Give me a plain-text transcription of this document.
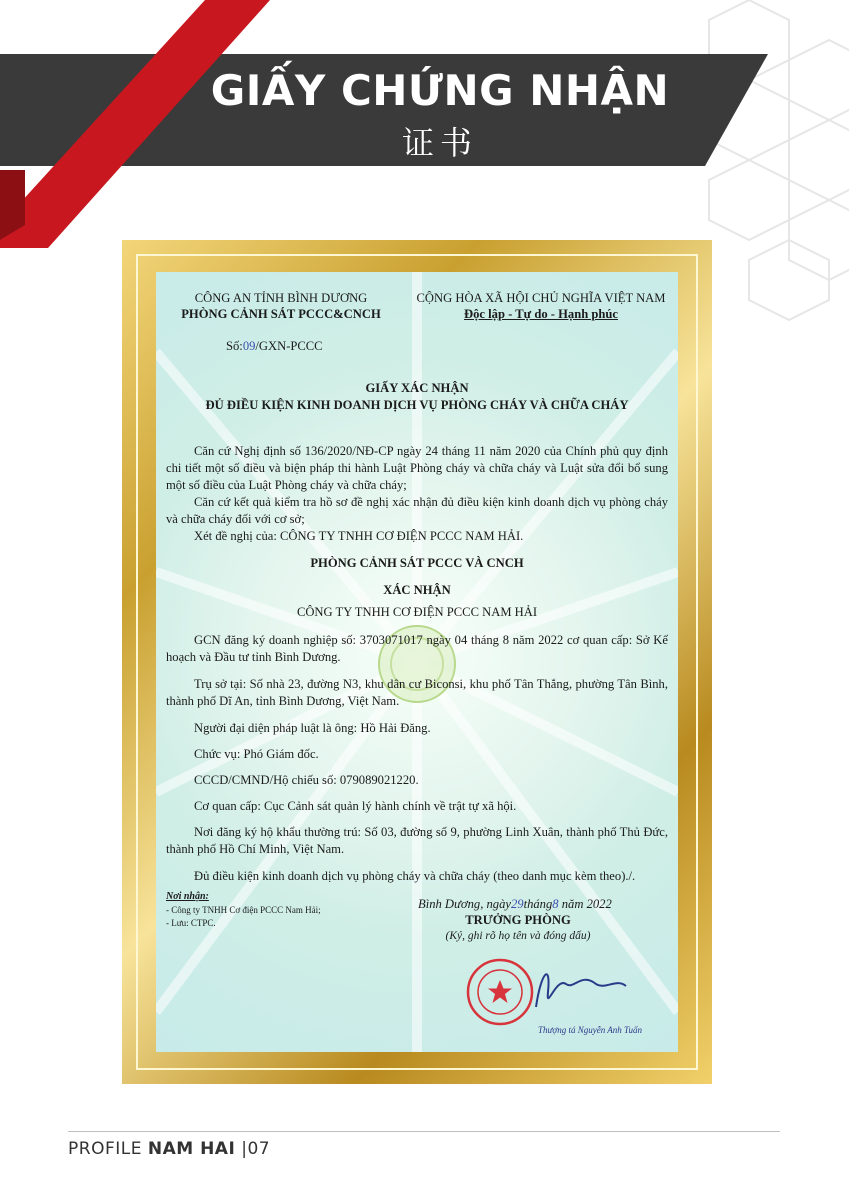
GIẤY CHỨNG NHẬN
证书
CÔNG AN TỈNH BÌNH DƯƠNG
PHÒNG CẢNH SÁT PCCC&CNCH
CỘNG HÒA XÃ HỘI CHỦ NGHĨA VIỆT NAM
Độc lập - Tự do - Hạnh phúc
Số:09/GXN-PCCC
GIẤY XÁC NHẬN
ĐỦ ĐIỀU KIỆN KINH DOANH DỊCH VỤ PHÒNG CHÁY VÀ CHỮA CHÁY
Căn cứ Nghị định số 136/2020/NĐ-CP ngày 24 tháng 11 năm 2020 của Chính phủ quy định chi tiết một số điều và biện pháp thi hành Luật Phòng cháy và chữa cháy và Luật sửa đổi bổ sung một số điều của Luật Phòng cháy và chữa cháy;
Căn cứ kết quả kiểm tra hồ sơ đề nghị xác nhận đủ điều kiện kinh doanh dịch vụ phòng cháy và chữa cháy đối với cơ sở;
Xét đề nghị của: CÔNG TY TNHH CƠ ĐIỆN PCCC NAM HẢI.
PHÒNG CẢNH SÁT PCCC VÀ CNCH
XÁC NHẬN
CÔNG TY TNHH CƠ ĐIỆN PCCC NAM HẢI
GCN đăng ký doanh nghiệp số: 3703071017 ngày 04 tháng 8 năm 2022 cơ quan cấp: Sở Kế hoạch và Đầu tư tỉnh Bình Dương.
Trụ sở tại: Số nhà 23, đường N3, khu dân cư Biconsi, khu phố Tân Thắng, phường Tân Bình, thành phố Dĩ An, tỉnh Bình Dương, Việt Nam.
Người đại diện pháp luật là ông: Hồ Hải Đăng.
Chức vụ: Phó Giám đốc.
CCCD/CMND/Hộ chiếu số: 079089021220.
Cơ quan cấp: Cục Cảnh sát quản lý hành chính về trật tự xã hội.
Nơi đăng ký hộ khẩu thường trú: Số 03, đường số 9, phường Linh Xuân, thành phố Thủ Đức, thành phố Hồ Chí Minh, Việt Nam.
Đủ điều kiện kinh doanh dịch vụ phòng cháy và chữa cháy (theo danh mục kèm theo)./.
Nơi nhận:
- Công ty TNHH Cơ điện PCCC Nam Hải;
- Lưu: CTPC.
Bình Dương, ngày29tháng8 năm 2022
TRƯỞNG PHÒNG
(Ký, ghi rõ họ tên và đóng dấu)
Thượng tá Nguyễn Anh Tuấn
PROFILE NAM HAI |07
